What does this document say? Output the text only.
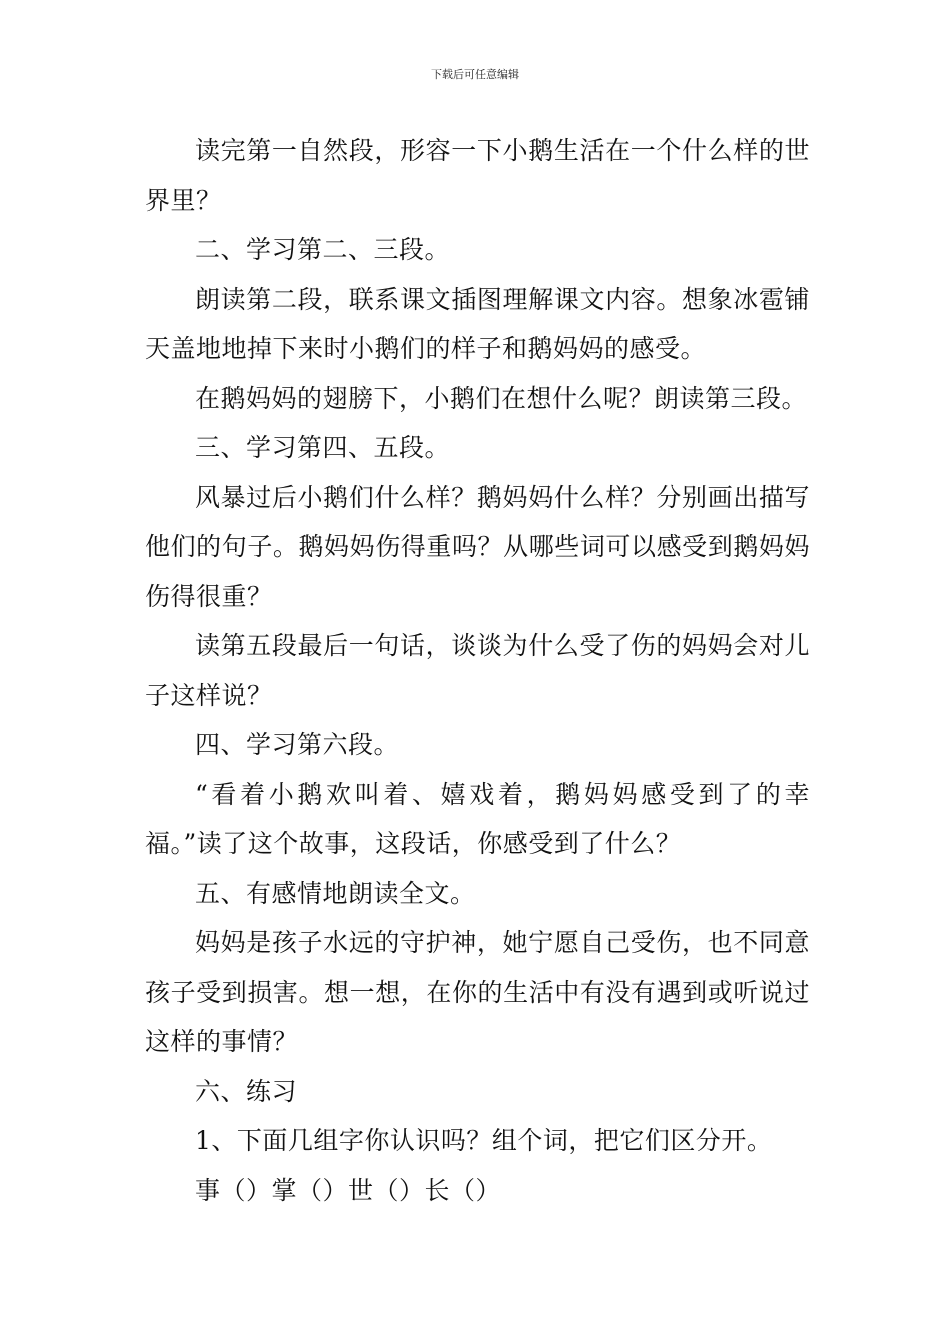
下载后可任意编辑

读完第一自然段，形容一下小鹅生活在一个什么样的世界里？

二、学习第二、三段。

朗读第二段，联系课文插图理解课文内容。想象冰雹铺天盖地地掉下来时小鹅们的样子和鹅妈妈的感受。

在鹅妈妈的翅膀下，小鹅们在想什么呢？朗读第三段。

三、学习第四、五段。

风暴过后小鹅们什么样？鹅妈妈什么样？分别画出描写他们的句子。鹅妈妈伤得重吗？从哪些词可以感受到鹅妈妈伤得很重？

读第五段最后一句话，谈谈为什么受了伤的妈妈会对儿子这样说？

四、学习第六段。

“看着小鹅欢叫着、嬉戏着，鹅妈妈感受到了的幸福。”读了这个故事，这段话，你感受到了什么？

五、有感情地朗读全文。

妈妈是孩子水远的守护神，她宁愿自己受伤，也不同意孩子受到损害。想一想，在你的生活中有没有遇到或听说过这样的事情？

六、练习

1、下面几组字你认识吗？组个词，把它们区分开。

事（）掌（）世（）长（）
